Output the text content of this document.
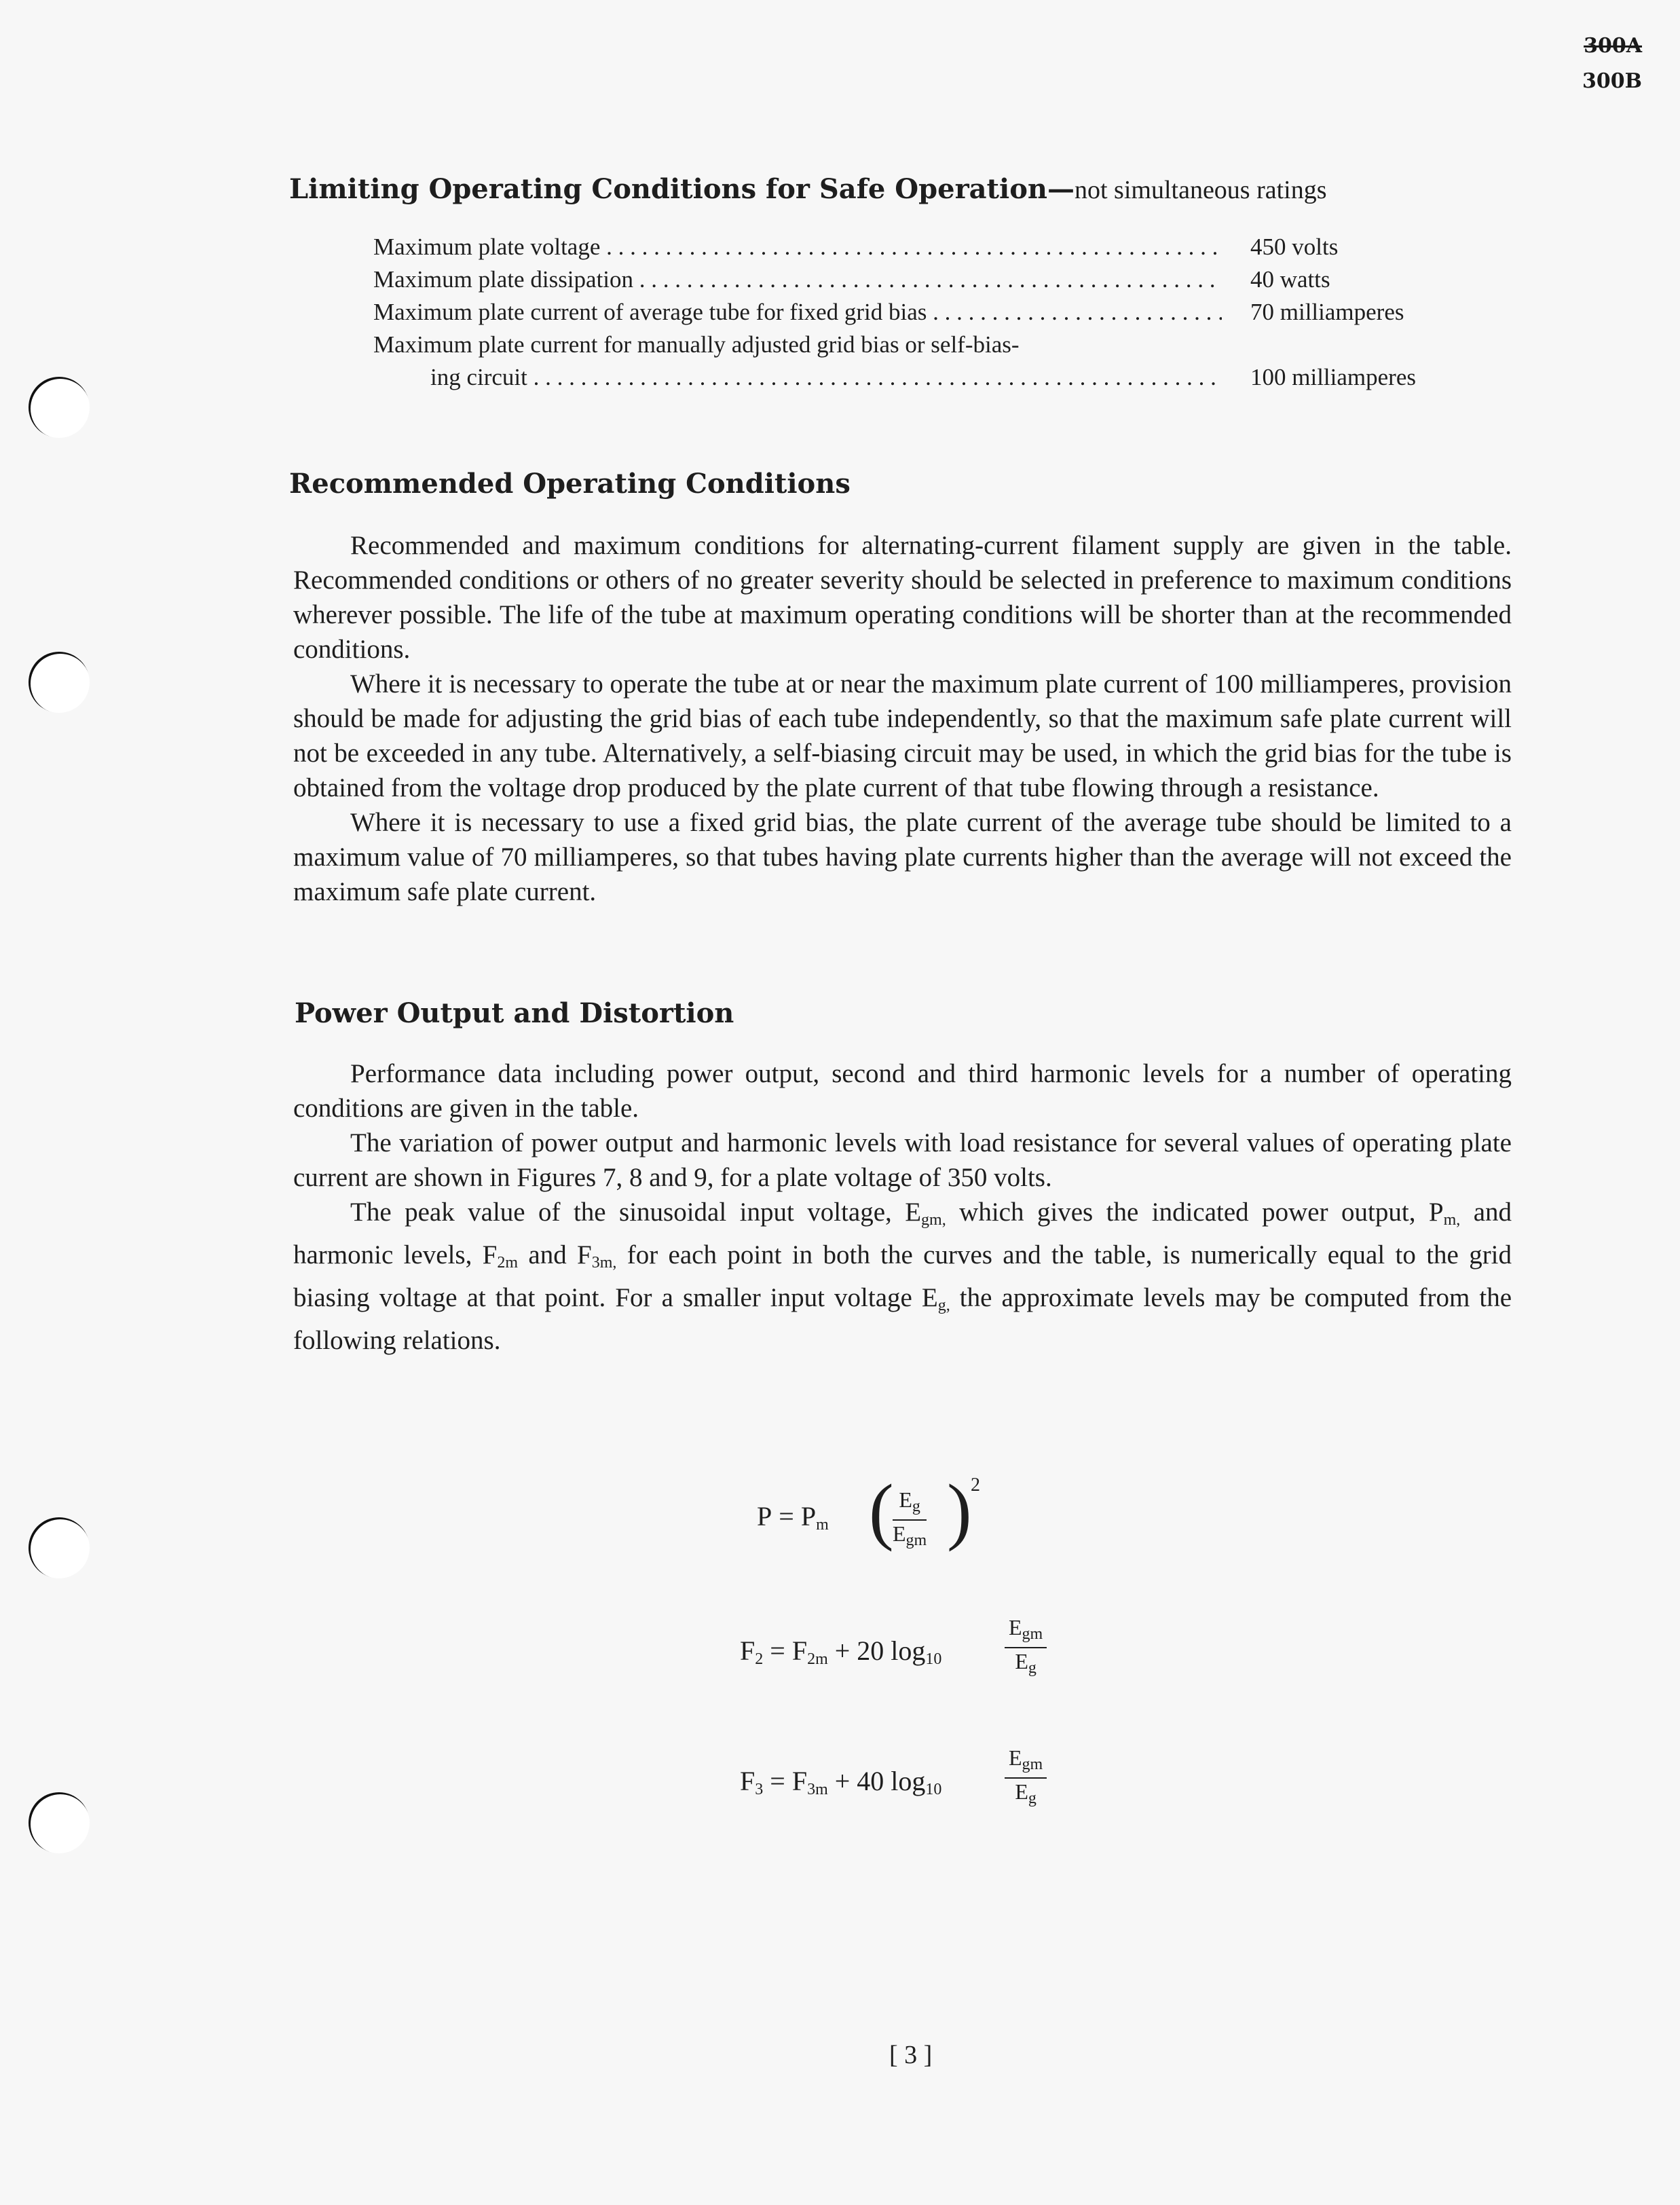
300A
300B
Limiting Operating Conditions for Safe Operation—not simultaneous ratings
Maximum plate voltage . . .	450 volts
Maximum plate dissipation . . .	40 watts
Maximum plate current of average tube for fixed grid bias . . .	70 milliamperes
Maximum plate current for manually adjusted grid bias or self-bias-
ing circuit . . .	100 milliamperes
Recommended Operating Conditions

Recommended and maximum conditions for alternating-current filament supply are given in the table. Recommended conditions or others of no greater severity should be selected in preference to maximum conditions wherever possible. The life of the tube at maximum operating conditions will be shorter than at the recommended conditions.

Where it is necessary to operate the tube at or near the maximum plate current of 100 milliamperes, provision should be made for adjusting the grid bias of each tube independently, so that the maximum safe plate current will not be exceeded in any tube. Alternatively, a self-biasing circuit may be used, in which the grid bias for the tube is obtained from the voltage drop produced by the plate current of that tube flowing through a resistance.

Where it is necessary to use a fixed grid bias, the plate current of the average tube should be limited to a maximum value of 70 milliamperes, so that tubes having plate currents higher than the average will not exceed the maximum safe plate current.

Power Output and Distortion

Performance data including power output, second and third harmonic levels for a number of operating conditions are given in the table.

The variation of power output and harmonic levels with load resistance for several values of operating plate current are shown in Figures 7, 8 and 9, for a plate voltage of 350 volts.

The peak value of the sinusoidal input voltage, Egm, which gives the indicated power output, Pm, and harmonic levels, F2m and F3m, for each point in both the curves and the table, is numerically equal to the grid biasing voltage at that point. For a smaller input voltage Eg, the approximate levels may be computed from the following relations.

P = Pm ( Eg
Egm )
2
F2 = F2m + 20 log10
Egm
Eg
F3 = F3m + 40 log10
Egm
Eg
[ 3 ]
